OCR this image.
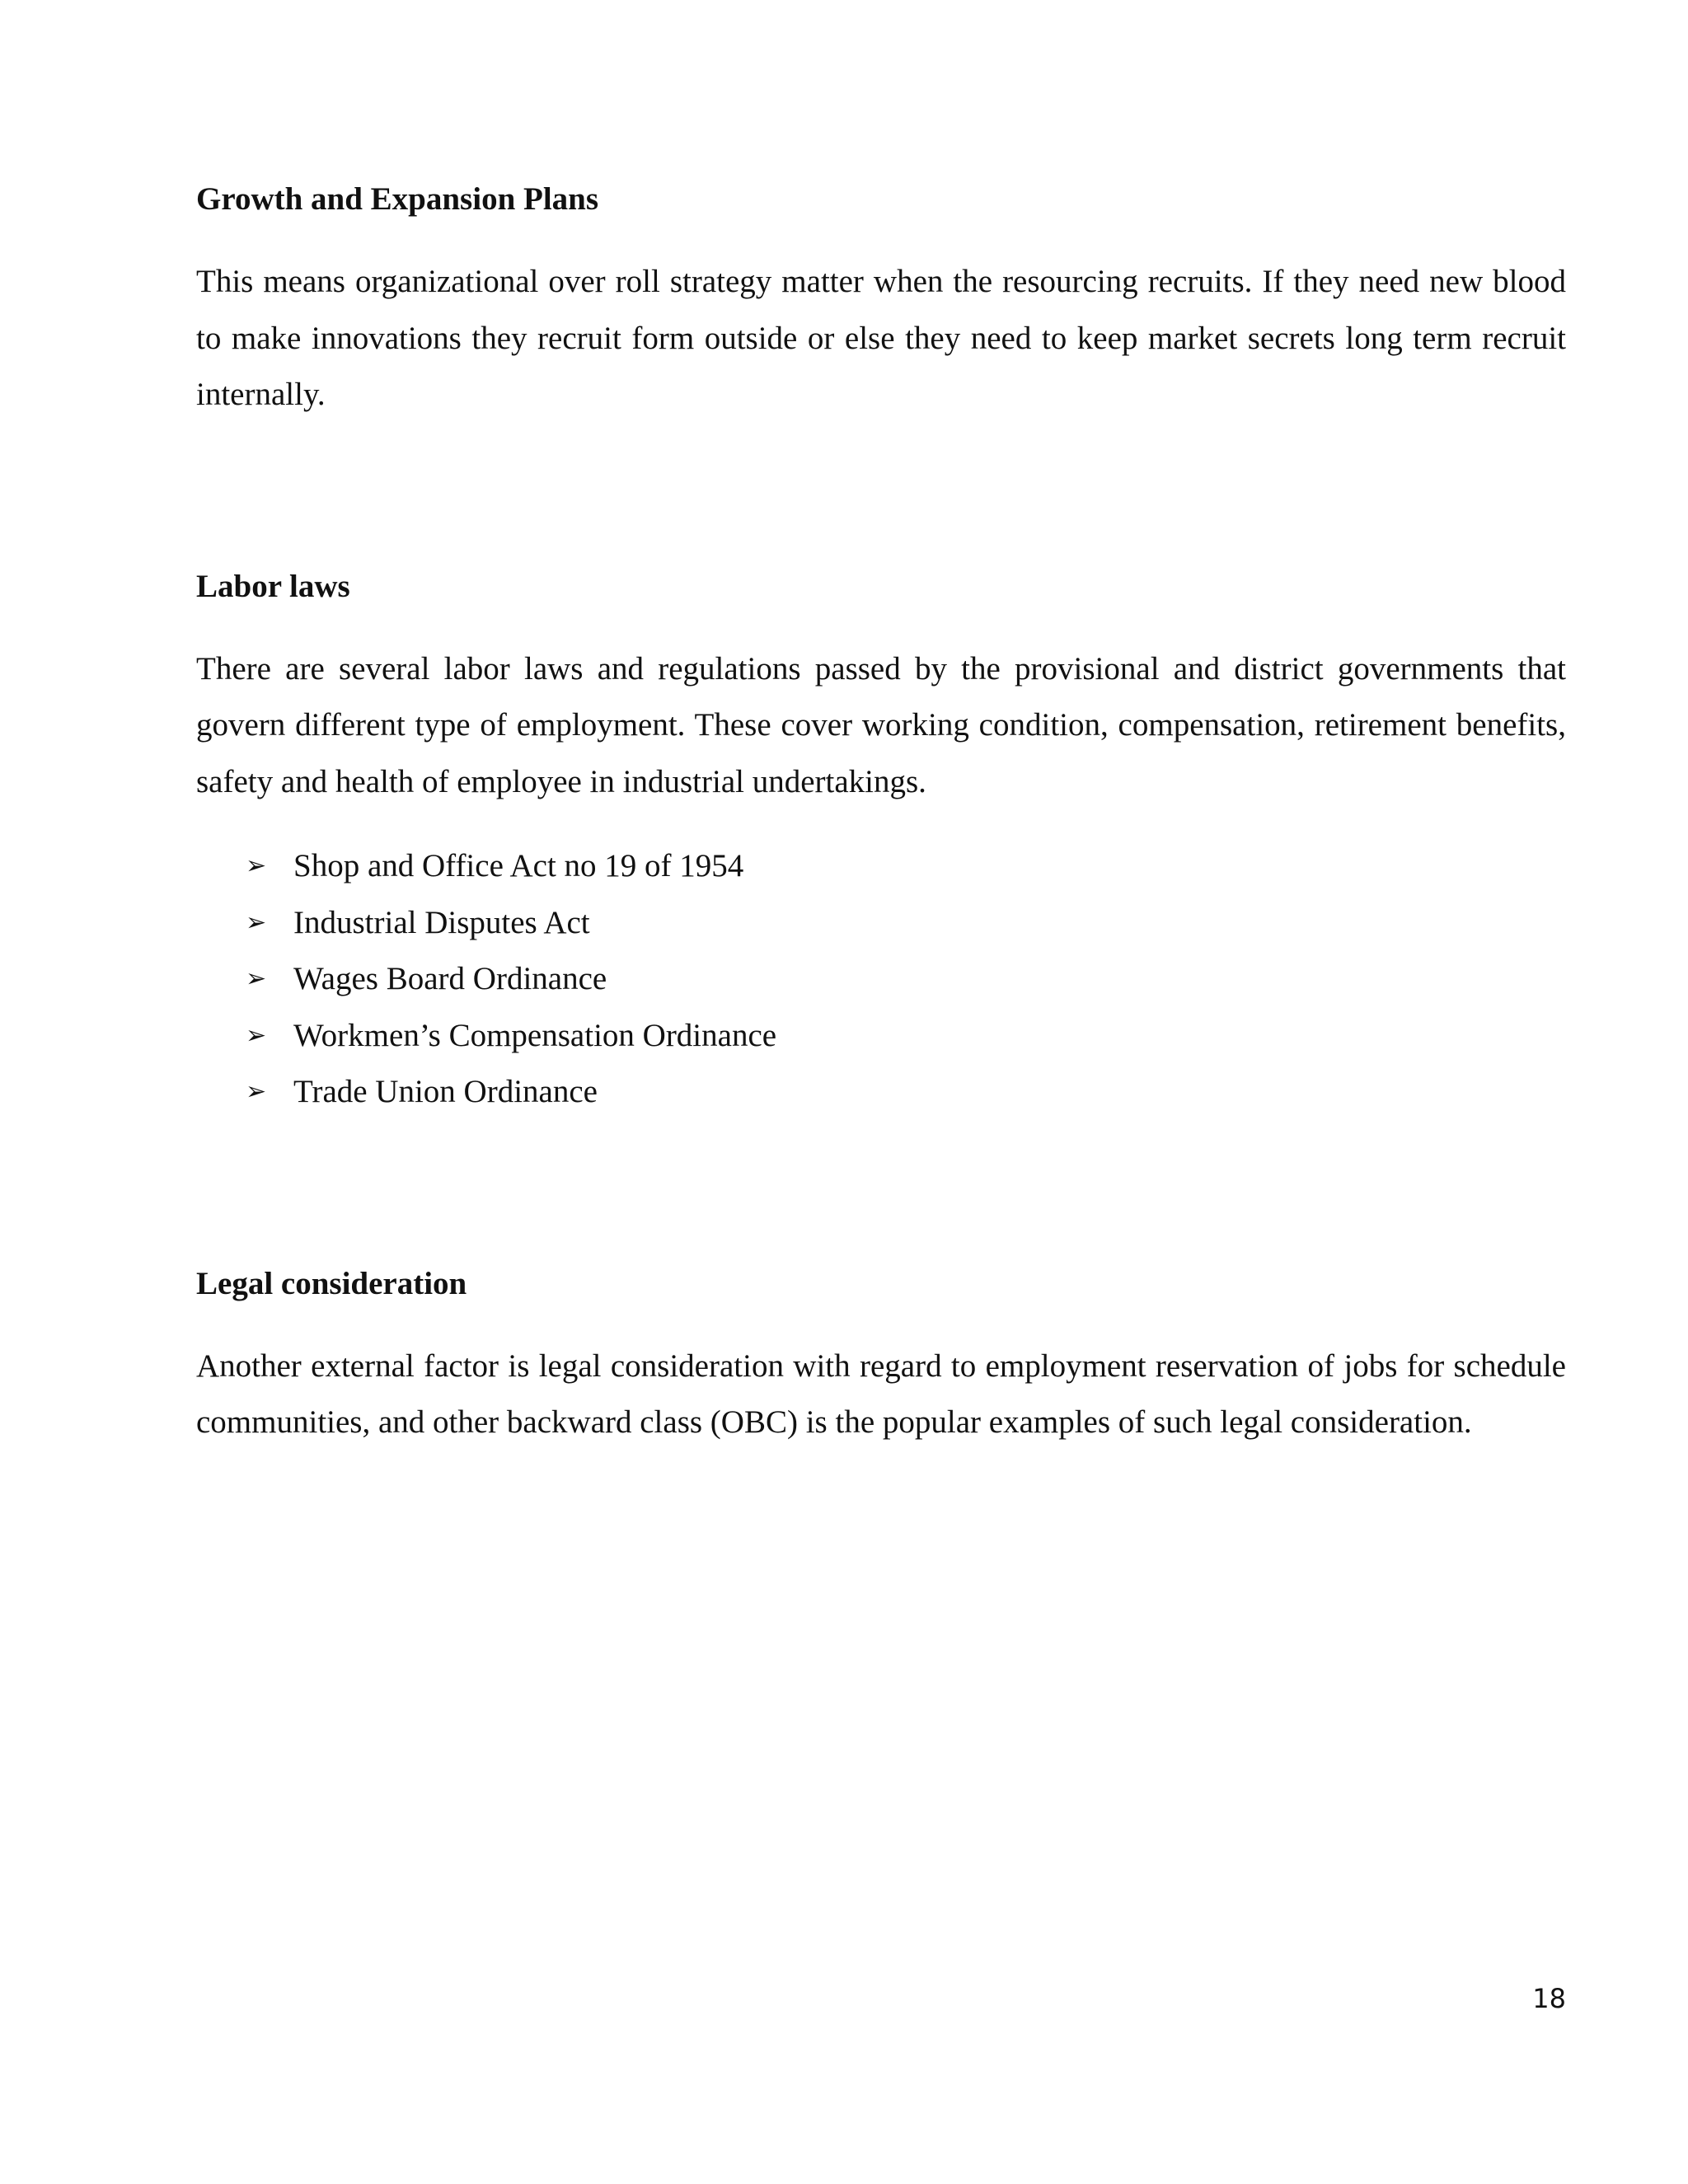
Growth and Expansion Plans

This means organizational over roll strategy matter when the resourcing recruits. If they need new blood to make innovations they recruit form outside or else they need to keep market secrets long term recruit internally.

Labor laws

There are several labor laws and regulations passed by the provisional and district governments that govern different type of employment. These cover working condition, compensation, retirement benefits, safety and health of employee in industrial undertakings.

➢ Shop and Office Act no 19 of 1954
➢ Industrial Disputes Act
➢ Wages Board Ordinance
➢ Workmen’s Compensation Ordinance
➢ Trade Union Ordinance
Legal consideration

Another external factor is legal consideration with regard to employment reservation of jobs for schedule communities, and other backward class (OBC) is the popular examples of such legal consideration.

18
